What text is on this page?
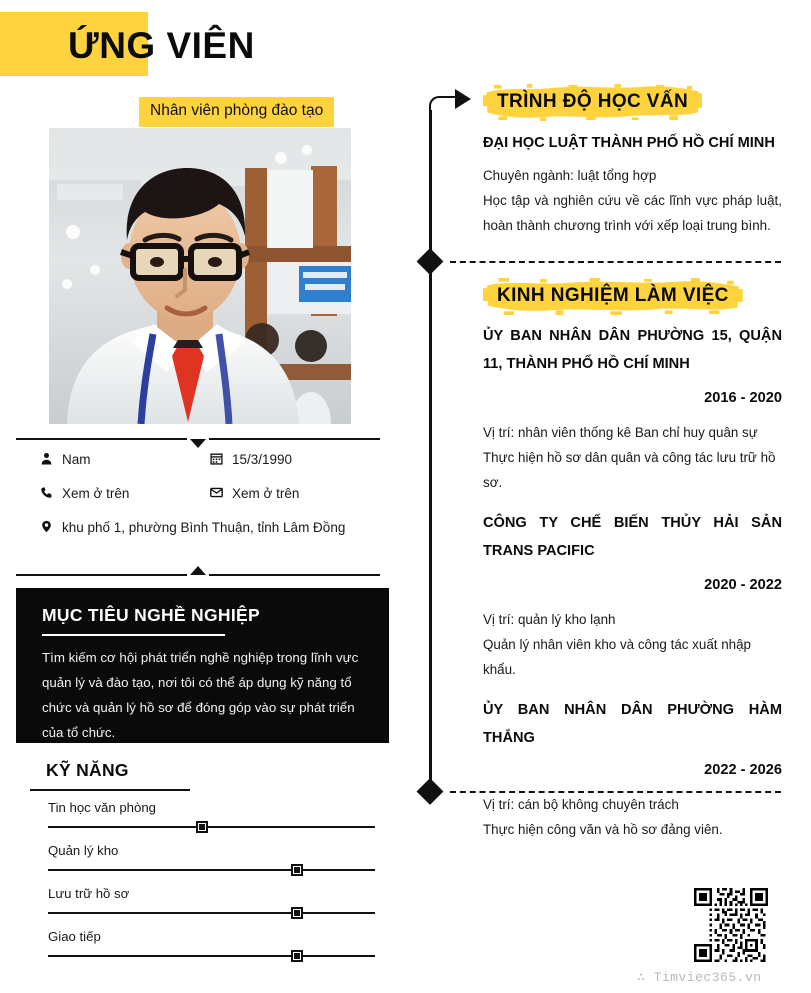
ỨNG VIÊN
Nhân viên phòng đào tạo
Nam	15/3/1990
Xem ở trên	Xem ở trên
khu phố 1, phường Bình Thuận, tỉnh Lâm Đồng
MỤC TIÊU NGHỀ NGHIỆP
Tìm kiếm cơ hội phát triển nghề nghiệp trong lĩnh vực quản lý và đào tạo, nơi tôi có thể áp dụng kỹ năng tổ chức và quản lý hồ sơ để đóng góp vào sự phát triển của tổ chức.
KỸ NĂNG
Tin học văn phòng
Quản lý kho
Lưu trữ hồ sơ
Giao tiếp
TRÌNH ĐỘ HỌC VẤN
ĐẠI HỌC LUẬT THÀNH PHỐ HỒ CHÍ MINH
Chuyên ngành: luật tổng hợp
Học tập và nghiên cứu về các lĩnh vực pháp luật, hoàn thành chương trình với xếp loại trung bình.
KINH NGHIỆM LÀM VIỆC
ỦY BAN NHÂN DÂN PHƯỜNG 15, QUẬN 11, THÀNH PHỐ HỒ CHÍ MINH
2016 - 2020
Vị trí: nhân viên thống kê Ban chỉ huy quân sự
Thực hiện hồ sơ dân quân và công tác lưu trữ hồ sơ.
CÔNG TY CHẾ BIẾN THỦY HẢI SẢN TRANS PACIFIC
2020 - 2022
Vị trí: quản lý kho lạnh
Quản lý nhân viên kho và công tác xuất nhập khẩu.
ỦY BAN NHÂN DÂN PHƯỜNG HÀM THẮNG
2022 - 2026
Vị trí: cán bộ không chuyên trách
Thực hiện công văn và hồ sơ đảng viên.
∴ Timviec365.vn
